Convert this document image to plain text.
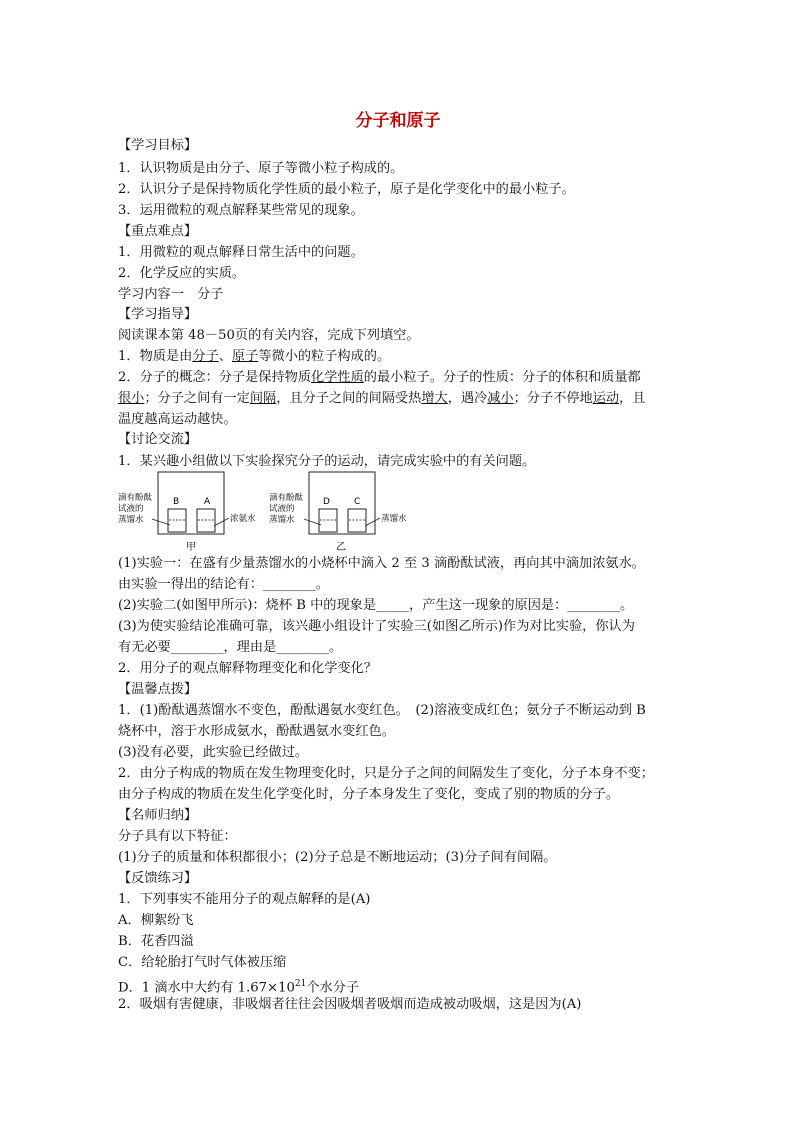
分子和原子
【学习目标】
1．认识物质是由分子、原子等微小粒子构成的。
2．认识分子是保持物质化学性质的最小粒子，原子是化学变化中的最小粒子。
3．运用微粒的观点解释某些常见的现象。
【重点难点】
1．用微粒的观点解释日常生活中的问题。
2．化学反应的实质。
学习内容一　分子
【学习指导】
阅读课本第 48－50页的有关内容，完成下列填空。
1．物质是由分子、原子等微小的粒子构成的。
2．分子的概念：分子是保持物质化学性质的最小粒子。分子的性质：分子的体积和质量都
很小；分子之间有一定间隔，且分子之间的间隔受热增大，遇冷减小；分子不停地运动，且
温度越高运动越快。
【讨论交流】
1．某兴趣小组做以下实验探究分子的运动，请完成实验中的有关问题。
B	A
滴有酚酞
试液的
蒸馏水	浓氨水
甲
D	C
滴有酚酞
试液的
蒸馏水	蒸馏水
乙
(1)实验一：在盛有少量蒸馏水的小烧杯中滴入 2 至 3 滴酚酞试液，再向其中滴加浓氨水。
由实验一得出的结论有：________。
(2)实验二(如图甲所示)：烧杯 B 中的现象是_____，产生这一现象的原因是：________。
(3)为使实验结论准确可靠，该兴趣小组设计了实验三(如图乙所示)作为对比实验，你认为
有无必要________，理由是________。
2．用分子的观点解释物理变化和化学变化？
【温馨点拨】
1．(1)酚酞遇蒸馏水不变色，酚酞遇氨水变红色。　(2)溶液变成红色；氨分子不断运动到 B
烧杯中，溶于水形成氨水，酚酞遇氨水变红色。
(3)没有必要，此实验已经做过。
2．由分子构成的物质在发生物理变化时，只是分子之间的间隔发生了变化，分子本身不变；
由分子构成的物质在发生化学变化时，分子本身发生了变化，变成了别的物质的分子。
【名师归纳】
分子具有以下特征：
(1)分子的质量和体积都很小；(2)分子总是不断地运动；(3)分子间有间隔。
【反馈练习】
1．下列事实不能用分子的观点解释的是(A)
A．柳絮纷飞
B．花香四溢
C．给轮胎打气时气体被压缩
D．1 滴水中大约有 $1.67\times 10^{21}$个水分子
2．吸烟有害健康，非吸烟者往往会因吸烟者吸烟而造成被动吸烟，这是因为(A)
